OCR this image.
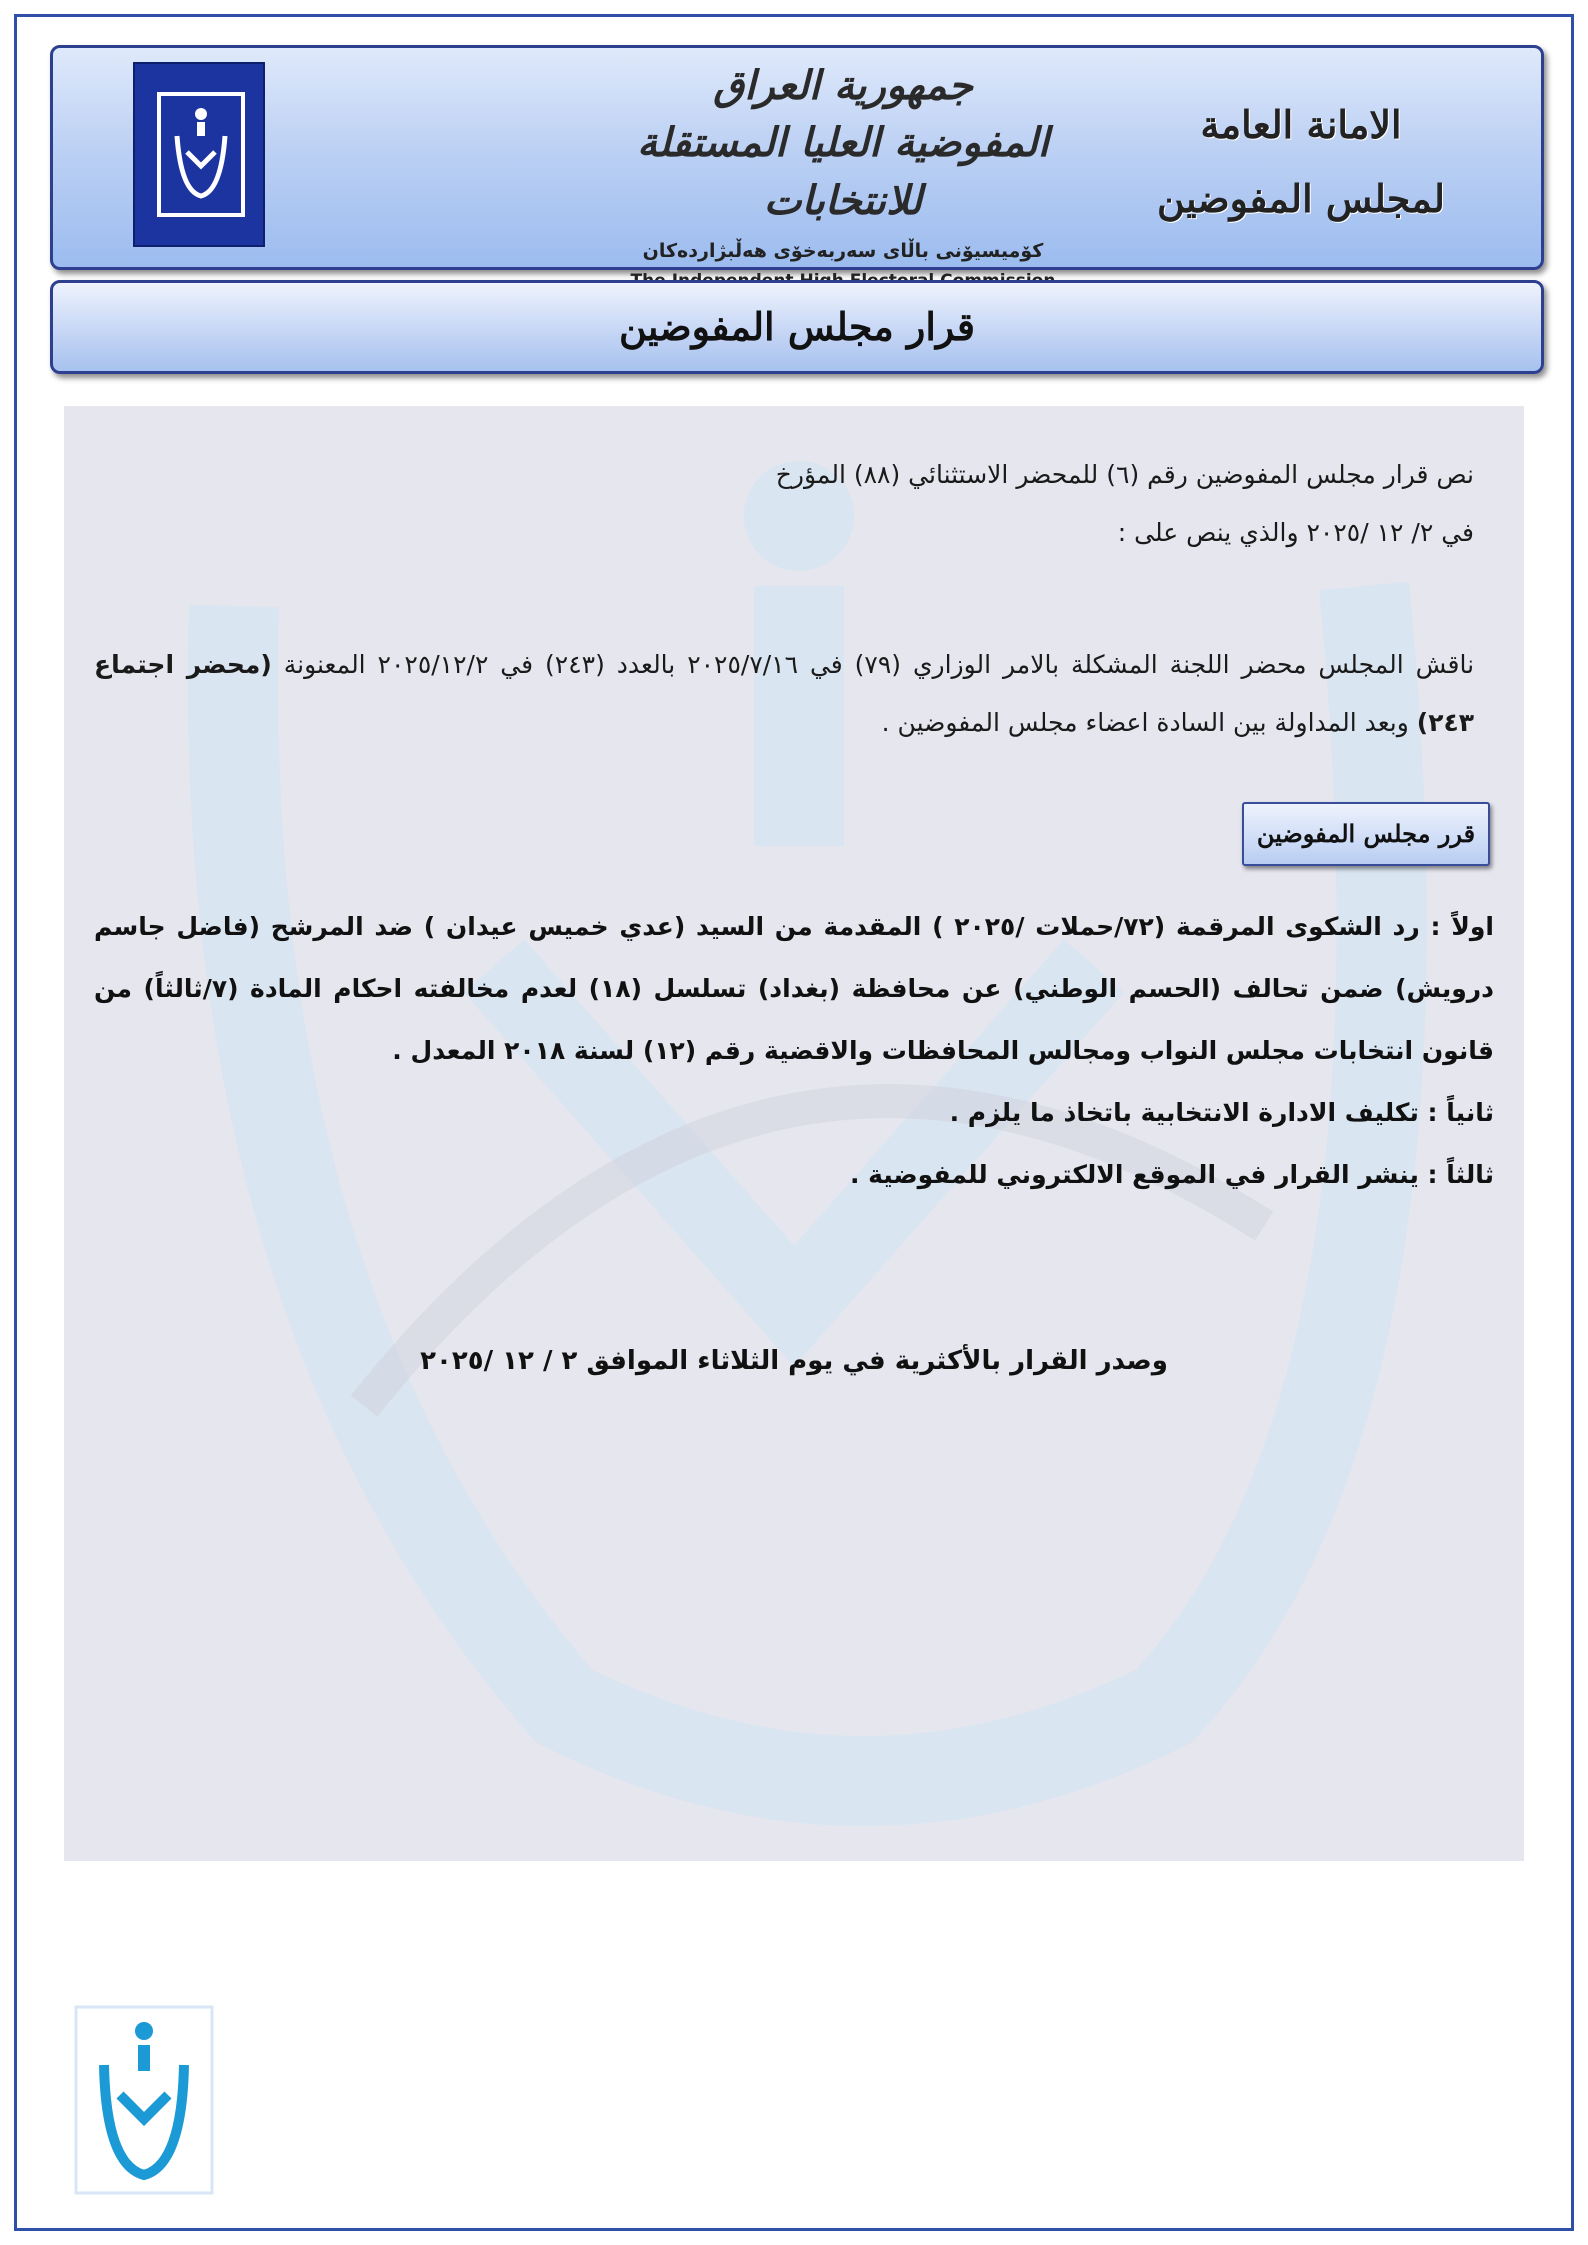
جمهورية العراق
المفوضية العليا المستقلة للانتخابات
كۆمیسیۆنی باڵای سەربەخۆی هەڵبژاردەکان
الامانة العامة
لمجلس المفوضين
قرار مجلس المفوضين
نص قرار مجلس المفوضين رقم (٦) للمحضر الاستثنائي (٨٨) المؤرخ
في ٢/ ١٢ /٢٠٢٥ والذي ينص على :
ناقش المجلس محضر اللجنة المشكلة بالامر الوزاري (٧٩) في ٢٠٢٥/٧/١٦ بالعدد (٢٤٣) في ٢٠٢٥/١٢/٢ المعنونة (محضر اجتماع ٢٤٣) وبعد المداولة بين السادة اعضاء مجلس المفوضين .
قرر مجلس المفوضين

اولاً : رد الشكوى المرقمة (٧٢/حملات /٢٠٢٥ ) المقدمة من السيد (عدي خميس عيدان ) ضد المرشح (فاضل جاسم درويش) ضمن تحالف (الحسم الوطني) عن محافظة (بغداد) تسلسل (١٨) لعدم مخالفته احكام المادة (٧/ثالثاً) من قانون انتخابات مجلس النواب ومجالس المحافظات والاقضية رقم (١٢) لسنة ٢٠١٨ المعدل .

ثانياً : تكليف الادارة الانتخابية باتخاذ ما يلزم .

ثالثاً : ينشر القرار في الموقع الالكتروني للمفوضية .

وصدر القرار بالأكثرية في يوم الثلاثاء الموافق ٢ / ١٢ /٢٠٢٥
